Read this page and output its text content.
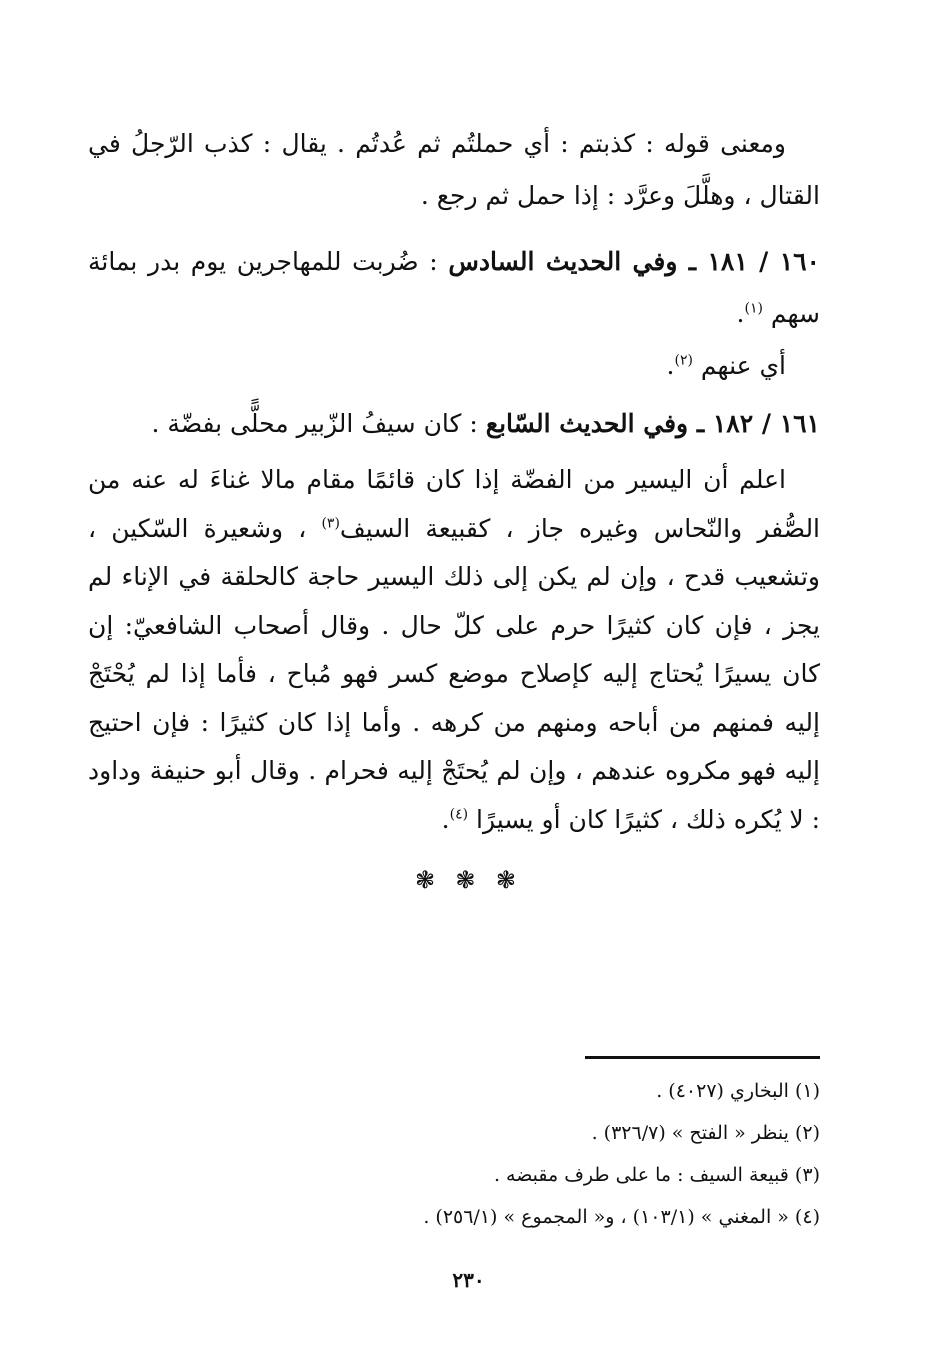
ومعنى قوله : كذبتم : أي حملتُم ثم عُدتُم . يقال : كذب الرّجلُ في القتال ، وهلَّلَ وعرَّد : إذا حمل ثم رجع .

١٦٠ / ١٨١ ـ وفي الحديث السادس : ضُربت للمهاجرين يوم بدر بمائة سهم $^{(١)}$.

أي عنهم $^{(٢)}$.

١٦١ / ١٨٢ ـ وفي الحديث السّابع : كان سيفُ الزّبير محلًّى بفضّة .

اعلم أن اليسير من الفضّة إذا كان قائمًا مقام مالا غناءَ له عنه من الصُّفر والنّحاس وغيره جاز ، كقبيعة السيف$^{(٣)}$ ، وشعيرة السّكين ، وتشعيب قدح ، وإن لم يكن إلى ذلك اليسير حاجة كالحلقة في الإناء لم يجز ، فإن كان كثيرًا حرم على كلّ حال . وقال أصحاب الشافعيّ: إن كان يسيرًا يُحتاج إليه كإصلاح موضع كسر فهو مُباح ، فأما إذا لم يُحْتَجْ إليه فمنهم من أباحه ومنهم من كرهه . وأما إذا كان كثيرًا : فإن احتيج إليه فهو مكروه عندهم ، وإن لم يُحتَجْ إليه فحرام . وقال أبو حنيفة وداود : لا يُكره ذلك ، كثيرًا كان أو يسيرًا $^{(٤)}$.

❃ ❃ ❃
(١) البخاري (٤٠٢٧) .
(٢) ينظر « الفتح » (٣٢٦/٧) .
(٣) قبيعة السيف : ما على طرف مقبضه .
(٤) « المغني » (١٠٣/١) ، و« المجموع » (٢٥٦/١) .
٢٣٠
